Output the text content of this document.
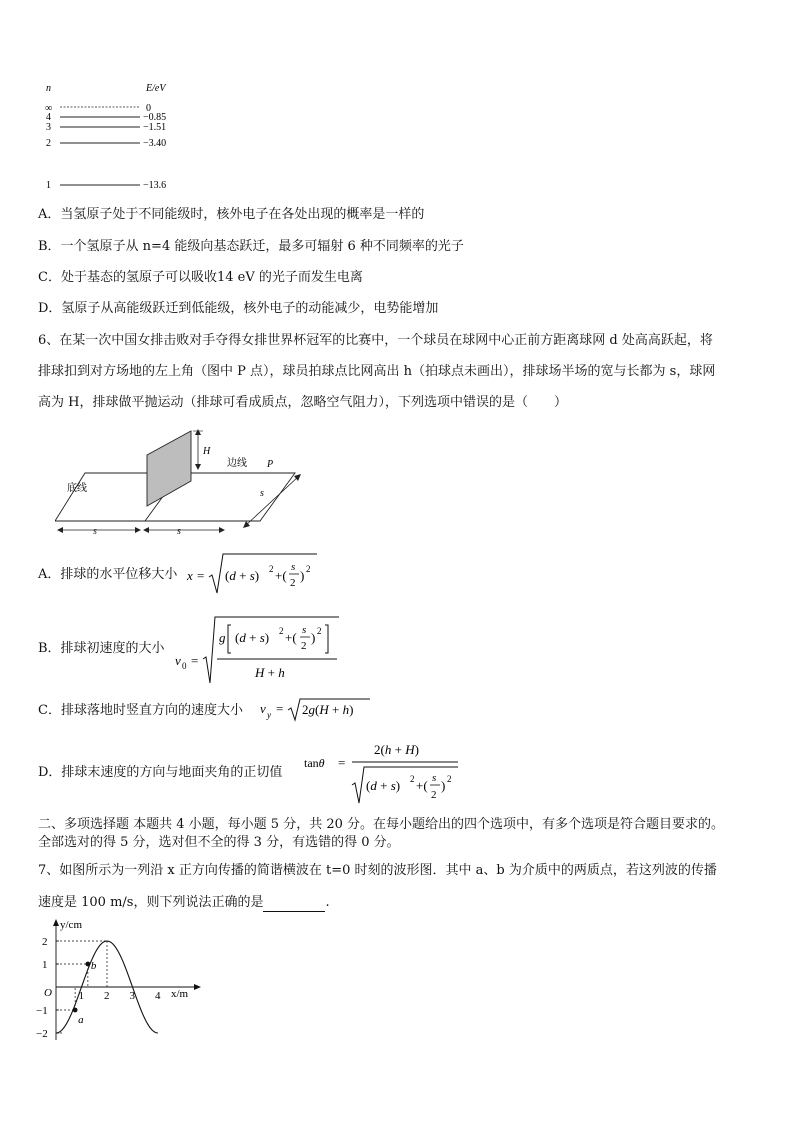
n	E/eV
∞	0
4	−0.85
3	−1.51
2	−3.40
1	−13.6
A．当氢原子处于不同能级时，核外电子在各处出现的概率是一样的
B．一个氢原子从 n=4 能级向基态跃迁，最多可辐射 6 种不同频率的光子
C．处于基态的氢原子可以吸收14 eV 的光子而发生电离
D．氢原子从高能级跃迁到低能级，核外电子的动能减少，电势能增加
6、在某一次中国女排击败对手夺得女排世界杯冠军的比赛中，一个球员在球网中心正前方距离球网 d 处高高跃起，将
排球扣到对方场地的左上角（图中 P 点），球员拍球点比网高出 h（拍球点未画出），排球场半场的宽与长都为 s，球网
高为 H，排球做平抛运动（排球可看成质点，忽略空气阻力），下列选项中错误的是（　　）
H
边线 P
底线
s	s
s
A．排球的水平位移大小 x = (d + s) 2 +(
s
2 ) 2
B．排球初速度的大小
v 0 =
g (d + s) 2 +( s
2
) 2
H + h
C．排球落地时竖直方向的速度大小 v y = 2g(H + h)
D．排球末速度的方向与地面夹角的正切值
tanθ =
2(h + H)
(d + s) 2 +( s
2
) 2
二、多项选择题 本题共 4 小题，每小题 5 分，共 20 分。在每小题给出的四个选项中，有多个选项是符合题目要求的。
全部选对的得 5 分，选对但不全的得 3 分，有选错的得 0 分。
7、如图所示为一列沿 x 正方向传播的简谐横波在 t=0 时刻的波形图．其中 a、b 为介质中的两质点，若这列波的传播
速度是 100 m/s，则下列说法正确的是	.
y/cm
x/m
O
2
1
−1
−2
1 2 3 4
a
b
